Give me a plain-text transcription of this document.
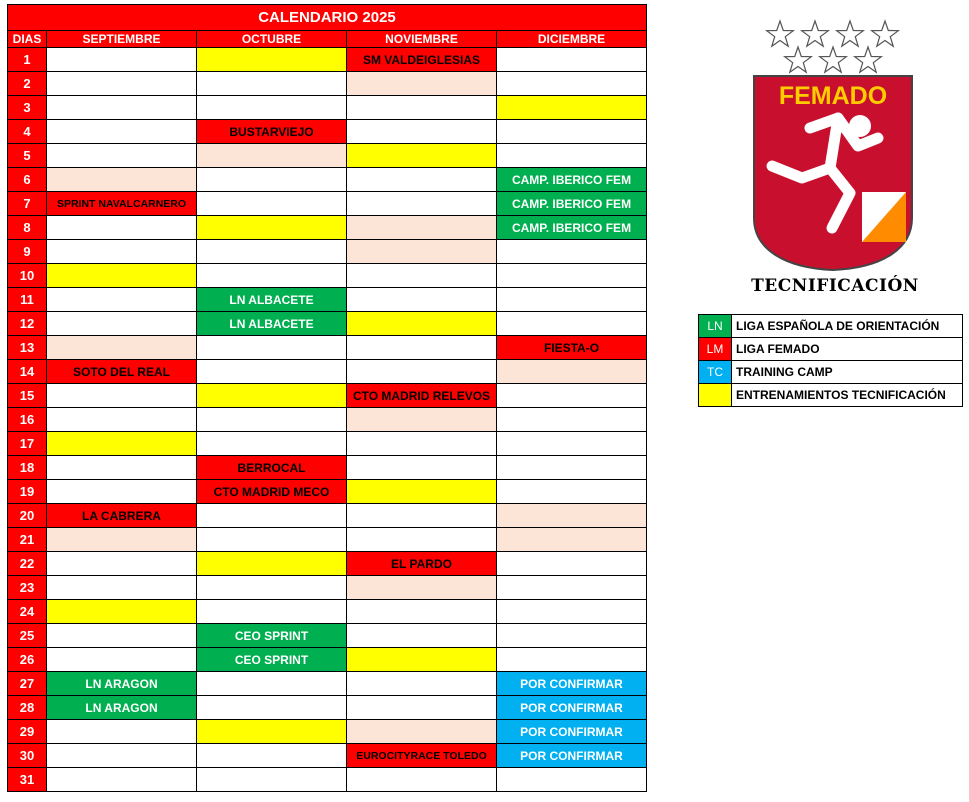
CALENDARIO 2025				
DIAS	SEPTIEMBRE	OCTUBRE	NOVIEMBRE	DICIEMBRE
1			SM VALDEIGLESIAS	
2				
3				
4		BUSTARVIEJO		
5				
6				CAMP. IBERICO FEM
7	SPRINT NAVALCARNERO			CAMP. IBERICO FEM
8				CAMP. IBERICO FEM
9				
10				
11		LN ALBACETE		
12		LN ALBACETE		
13				FIESTA-O
14	SOTO DEL REAL			
15			CTO MADRID RELEVOS	
16				
17				
18		BERROCAL		
19		CTO MADRID MECO		
20	LA CABRERA			
21				
22			EL PARDO	
23				
24				
25		CEO SPRINT		
26		CEO SPRINT		
27	LN ARAGON			POR CONFIRMAR
28	LN ARAGON			POR CONFIRMAR
29				POR CONFIRMAR
30			EUROCITYRACE TOLEDO	POR CONFIRMAR
31				
FEMADO
TECNIFICACIÓN
LN	LIGA ESPAÑOLA DE ORIENTACIÓN
LM	LIGA FEMADO
TC	TRAINING CAMP
	ENTRENAMIENTOS TECNIFICACIÓN
